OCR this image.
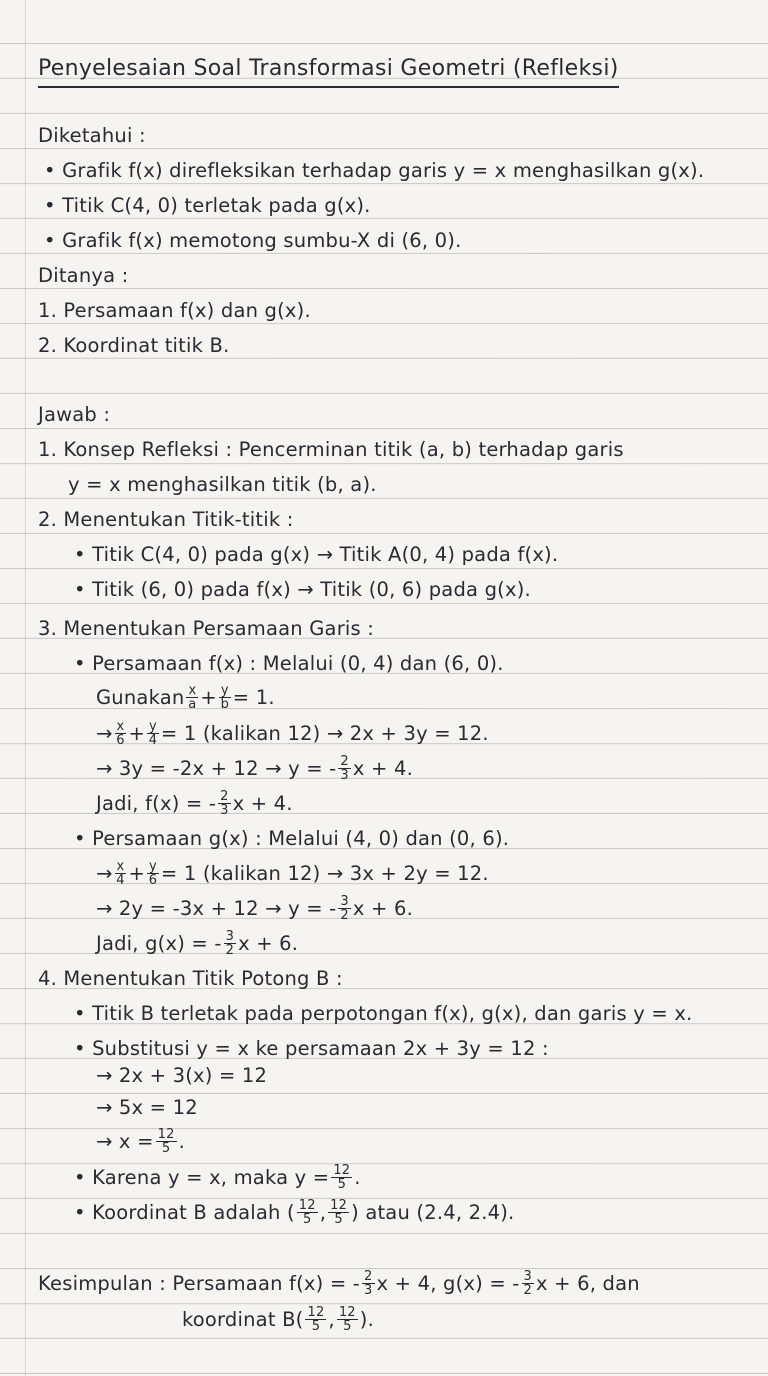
Penyelesaian Soal Transformasi Geometri (Refleksi)
Diketahui :
• Grafik f(x) direfleksikan terhadap garis y = x menghasilkan g(x).
• Titik C(4, 0) terletak pada g(x).
• Grafik f(x) memotong sumbu-X di (6, 0).
Ditanya :
1. Persamaan f(x) dan g(x).
2. Koordinat titik B.
Jawab :
1. Konsep Refleksi : Pencerminan titik (a, b) terhadap garis
y = x menghasilkan titik (b, a).
2. Menentukan Titik-titik :
• Titik C(4, 0) pada g(x) → Titik A(0, 4) pada f(x).
• Titik (6, 0) pada f(x) → Titik (0, 6) pada g(x).
3. Menentukan Persamaan Garis :
• Persamaan f(x) : Melalui (0, 4) dan (6, 0).
Gunakan $\frac{x}{a} + \frac{y}{b} = 1$.
→ $\frac{x}{6} + \frac{y}{4} = 1$ (kalikan 12) → 2x + 3y = 12.
→ 3y = -2x + 12 → y = - $\frac{2}{3}$ x + 4.
Jadi, f(x) = - $\frac{2}{3}$ x + 4.
• Persamaan g(x) : Melalui (4, 0) dan (0, 6).
→ $\frac{x}{4} + \frac{y}{6} = 1$ (kalikan 12) → 3x + 2y = 12.
→ 2y = -3x + 12 → y = - $\frac{3}{2}$ x + 6.
Jadi, g(x) = - $\frac{3}{2}$ x + 6.
4. Menentukan Titik Potong B :
• Titik B terletak pada perpotongan f(x), g(x), dan garis y = x.
• Substitusi y = x ke persamaan 2x + 3y = 12 :
→ 2x + 3(x) = 12
→ 5x = 12
→ $x = \frac{12}{5}$ .
• Karena y = x, maka $y = \frac{12}{5}$ .
• Koordinat B adalah ( $\frac{12}{5}$ , $\frac{12}{5}$ ) atau (2.4, 2.4).
Kesimpulan : Persamaan f(x) = - $\frac{2}{3}$ x + 4, g(x) = - $\frac{3}{2}$ x + 6, dan
koordinat $B( \frac{12}{5}$ , $\frac{12}{5}$ ).
